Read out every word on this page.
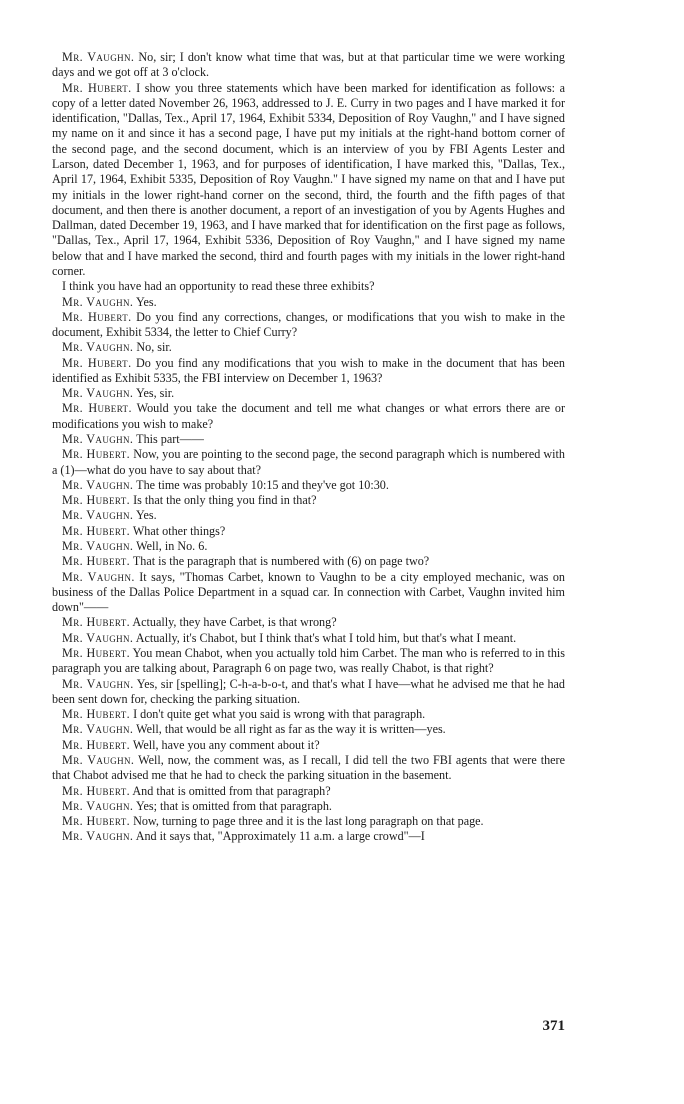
Mr. Vaughn. No, sir; I don't know what time that was, but at that particular time we were working days and we got off at 3 o'clock.

Mr. Hubert. I show you three statements which have been marked for identification as follows: a copy of a letter dated November 26, 1963, addressed to J. E. Curry in two pages and I have marked it for identification, "Dallas, Tex., April 17, 1964, Exhibit 5334, Deposition of Roy Vaughn," and I have signed my name on it and since it has a second page, I have put my initials at the right-hand bottom corner of the second page, and the second document, which is an interview of you by FBI Agents Lester and Larson, dated December 1, 1963, and for purposes of identification, I have marked this, "Dallas, Tex., April 17, 1964, Exhibit 5335, Deposition of Roy Vaughn." I have signed my name on that and I have put my initials in the lower right-hand corner on the second, third, the fourth and the fifth pages of that document, and then there is another document, a report of an investigation of you by Agents Hughes and Dallman, dated December 19, 1963, and I have marked that for identification on the first page as follows, "Dallas, Tex., April 17, 1964, Exhibit 5336, Deposition of Roy Vaughn," and I have signed my name below that and I have marked the second, third and fourth pages with my initials in the lower right-hand corner.

I think you have had an opportunity to read these three exhibits?

Mr. Vaughn. Yes.

Mr. Hubert. Do you find any corrections, changes, or modifications that you wish to make in the document, Exhibit 5334, the letter to Chief Curry?

Mr. Vaughn. No, sir.

Mr. Hubert. Do you find any modifications that you wish to make in the document that has been identified as Exhibit 5335, the FBI interview on December 1, 1963?

Mr. Vaughn. Yes, sir.

Mr. Hubert. Would you take the document and tell me what changes or what errors there are or modifications you wish to make?

Mr. Vaughn. This part——

Mr. Hubert. Now, you are pointing to the second page, the second paragraph which is numbered with a (1)—what do you have to say about that?

Mr. Vaughn. The time was probably 10:15 and they've got 10:30.

Mr. Hubert. Is that the only thing you find in that?

Mr. Vaughn. Yes.

Mr. Hubert. What other things?

Mr. Vaughn. Well, in No. 6.

Mr. Hubert. That is the paragraph that is numbered with (6) on page two?

Mr. Vaughn. It says, "Thomas Carbet, known to Vaughn to be a city employed mechanic, was on business of the Dallas Police Department in a squad car. In connection with Carbet, Vaughn invited him down"——

Mr. Hubert. Actually, they have Carbet, is that wrong?

Mr. Vaughn. Actually, it's Chabot, but I think that's what I told him, but that's what I meant.

Mr. Hubert. You mean Chabot, when you actually told him Carbet. The man who is referred to in this paragraph you are talking about, Paragraph 6 on page two, was really Chabot, is that right?

Mr. Vaughn. Yes, sir [spelling]; C-h-a-b-o-t, and that's what I have—what he advised me that he had been sent down for, checking the parking situation.

Mr. Hubert. I don't quite get what you said is wrong with that paragraph.

Mr. Vaughn. Well, that would be all right as far as the way it is written—yes.

Mr. Hubert. Well, have you any comment about it?

Mr. Vaughn. Well, now, the comment was, as I recall, I did tell the two FBI agents that were there that Chabot advised me that he had to check the parking situation in the basement.

Mr. Hubert. And that is omitted from that paragraph?

Mr. Vaughn. Yes; that is omitted from that paragraph.

Mr. Hubert. Now, turning to page three and it is the last long paragraph on that page.

Mr. Vaughn. And it says that, "Approximately 11 a.m. a large crowd"—I

371
